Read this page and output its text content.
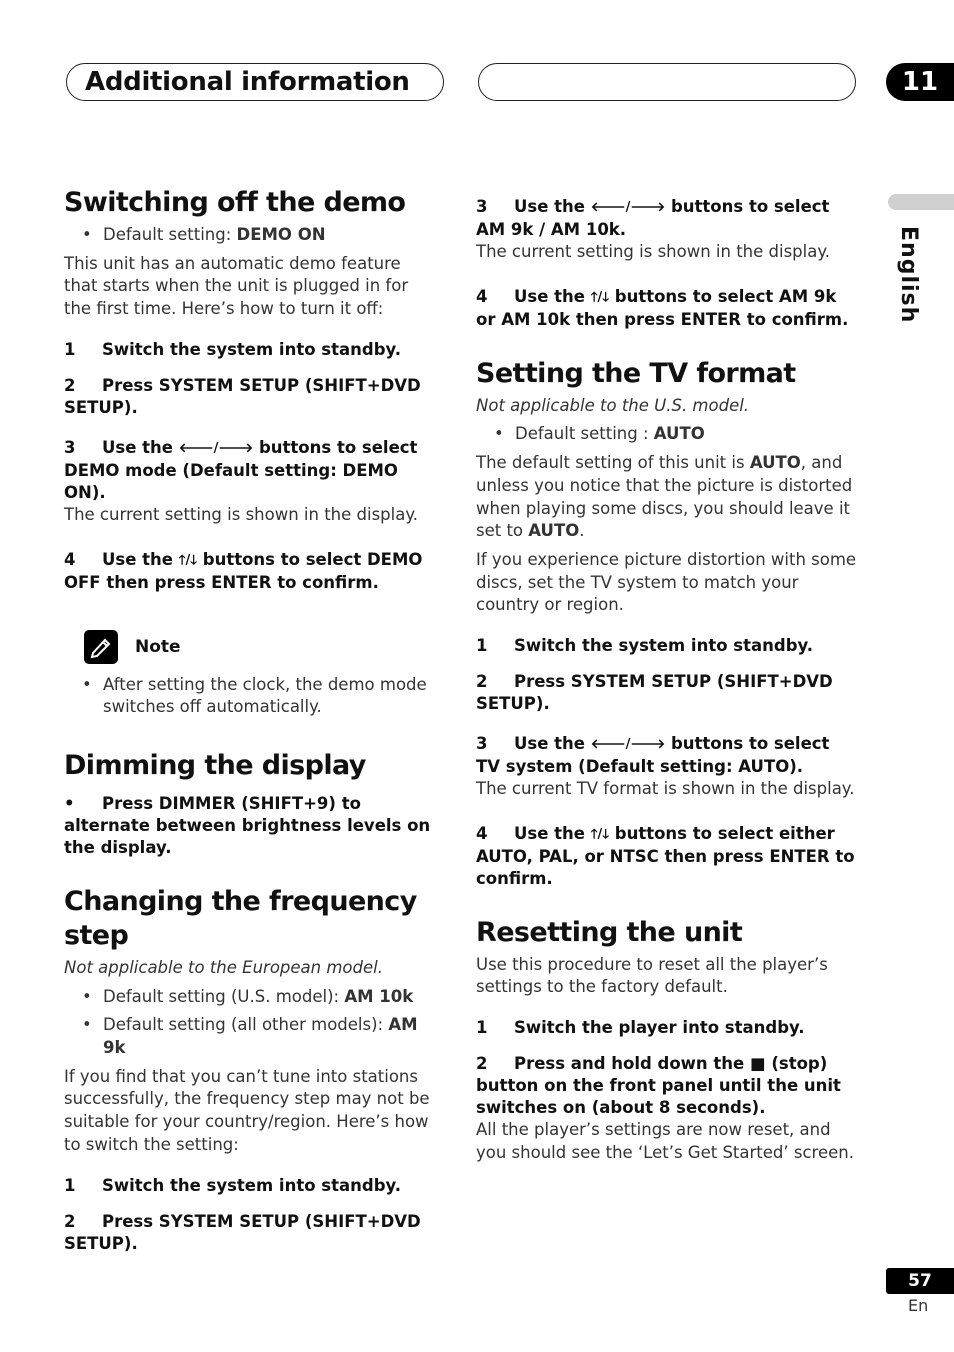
Additional information	11
English
Switching off the demo
• Default setting: DEMO ON

This unit has an automatic demo feature that starts when the unit is plugged in for the first time. Here’s how to turn it off:

1 Switch the system into standby.
2 Press SYSTEM SETUP (SHIFT+DVD SETUP).
3 Use the 🡐/🡒 buttons to select DEMO mode (Default setting: DEMO ON).

The current setting is shown in the display.

4 Use the 🡑/🡓 buttons to select DEMO OFF then press ENTER to confirm.
Note
• After setting the clock, the demo mode switches off automatically.
Dimming the display
• Press DIMMER (SHIFT+9) to alternate between brightness levels on the display.
Changing the frequency step

Not applicable to the European model.

• Default setting (U.S. model): AM 10k
• Default setting (all other models): AM 9k

If you find that you can’t tune into stations successfully, the frequency step may not be suitable for your country/region. Here’s how to switch the setting:

1 Switch the system into standby.
2 Press SYSTEM SETUP (SHIFT+DVD SETUP).
3 Use the 🡐/🡒 buttons to select AM 9k / AM 10k.

The current setting is shown in the display.

4 Use the 🡑/🡓 buttons to select AM 9k or AM 10k then press ENTER to confirm.
Setting the TV format

Not applicable to the U.S. model.

• Default setting : AUTO

The default setting of this unit is AUTO, and unless you notice that the picture is distorted when playing some discs, you should leave it set to AUTO.

If you experience picture distortion with some discs, set the TV system to match your country or region.

1 Switch the system into standby.
2 Press SYSTEM SETUP (SHIFT+DVD SETUP).
3 Use the 🡐/🡒 buttons to select TV system (Default setting: AUTO).

The current TV format is shown in the display.

4 Use the 🡑/🡓 buttons to select either AUTO, PAL, or NTSC then press ENTER to confirm.
Resetting the unit

Use this procedure to reset all the player’s settings to the factory default.

1 Switch the player into standby.
2 Press and hold down the ■ (stop) button on the front panel until the unit switches on (about 8 seconds).

All the player’s settings are now reset, and you should see the ‘Let’s Get Started’ screen.

57
En
